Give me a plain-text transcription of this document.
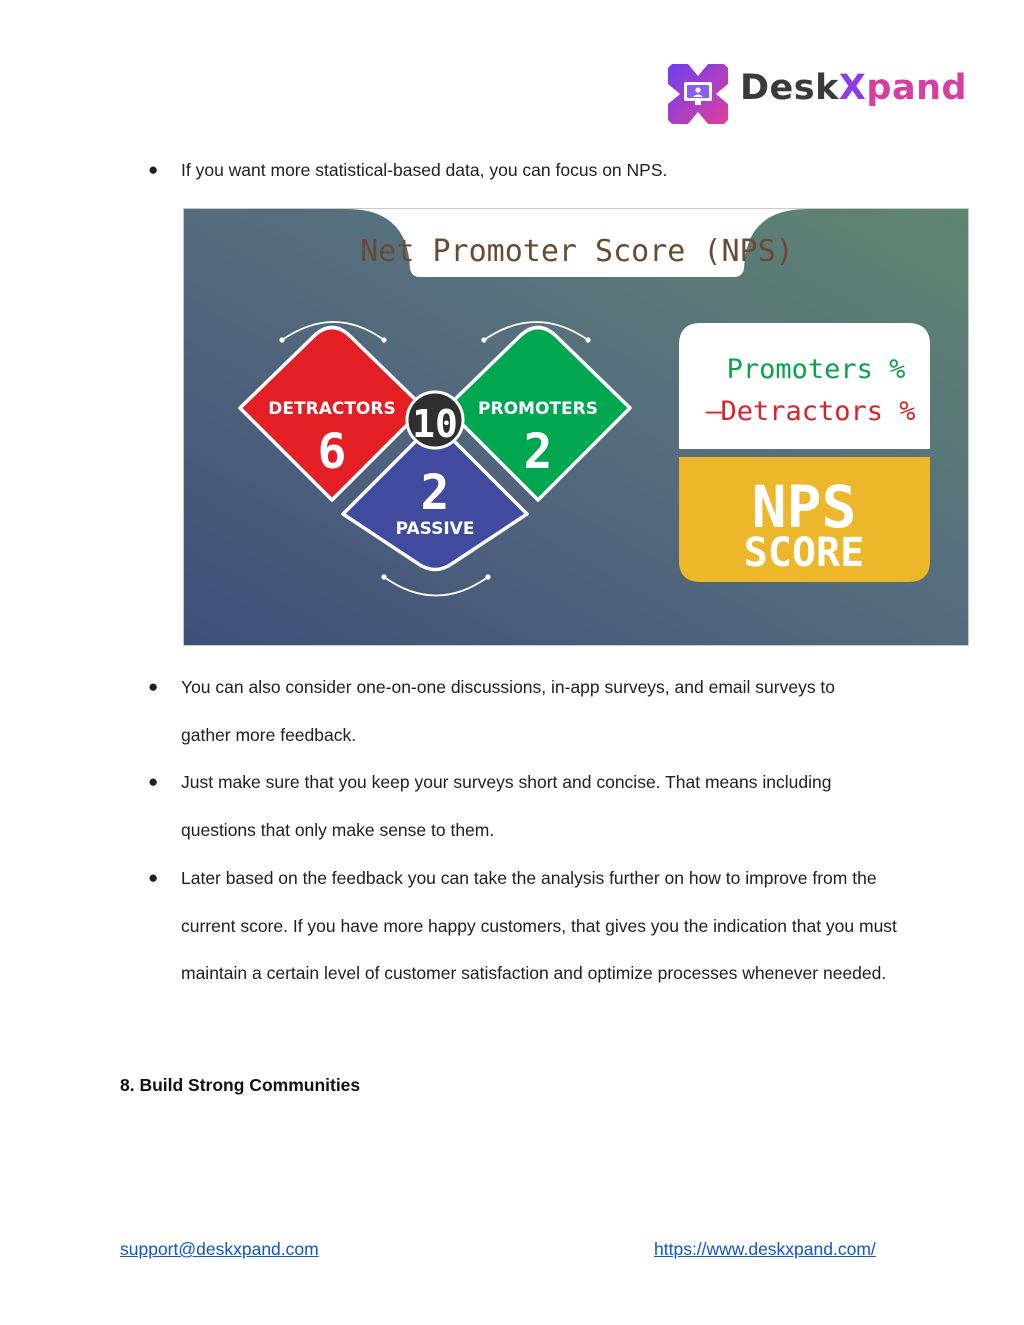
DeskXpand
● If you want more statistical-based data, you can focus on NPS.
Net Promoter Score (NPS)
DETRACTORS
6
PROMOTERS
2
2
PASSIVE
10
Promoters %
–
Detractors %
NPS
SCORE
● You can also consider one-on-one discussions, in-app surveys, and email surveys to gather more feedback.
● Just make sure that you keep your surveys short and concise. That means including questions that only make sense to them.
● Later based on the feedback you can take the analysis further on how to improve from the current score. If you have more happy customers, that gives you the indication that you must maintain a certain level of customer satisfaction and optimize processes whenever needed.
8. Build Strong Communities
support@deskxpand.com	https://www.deskxpand.com/
